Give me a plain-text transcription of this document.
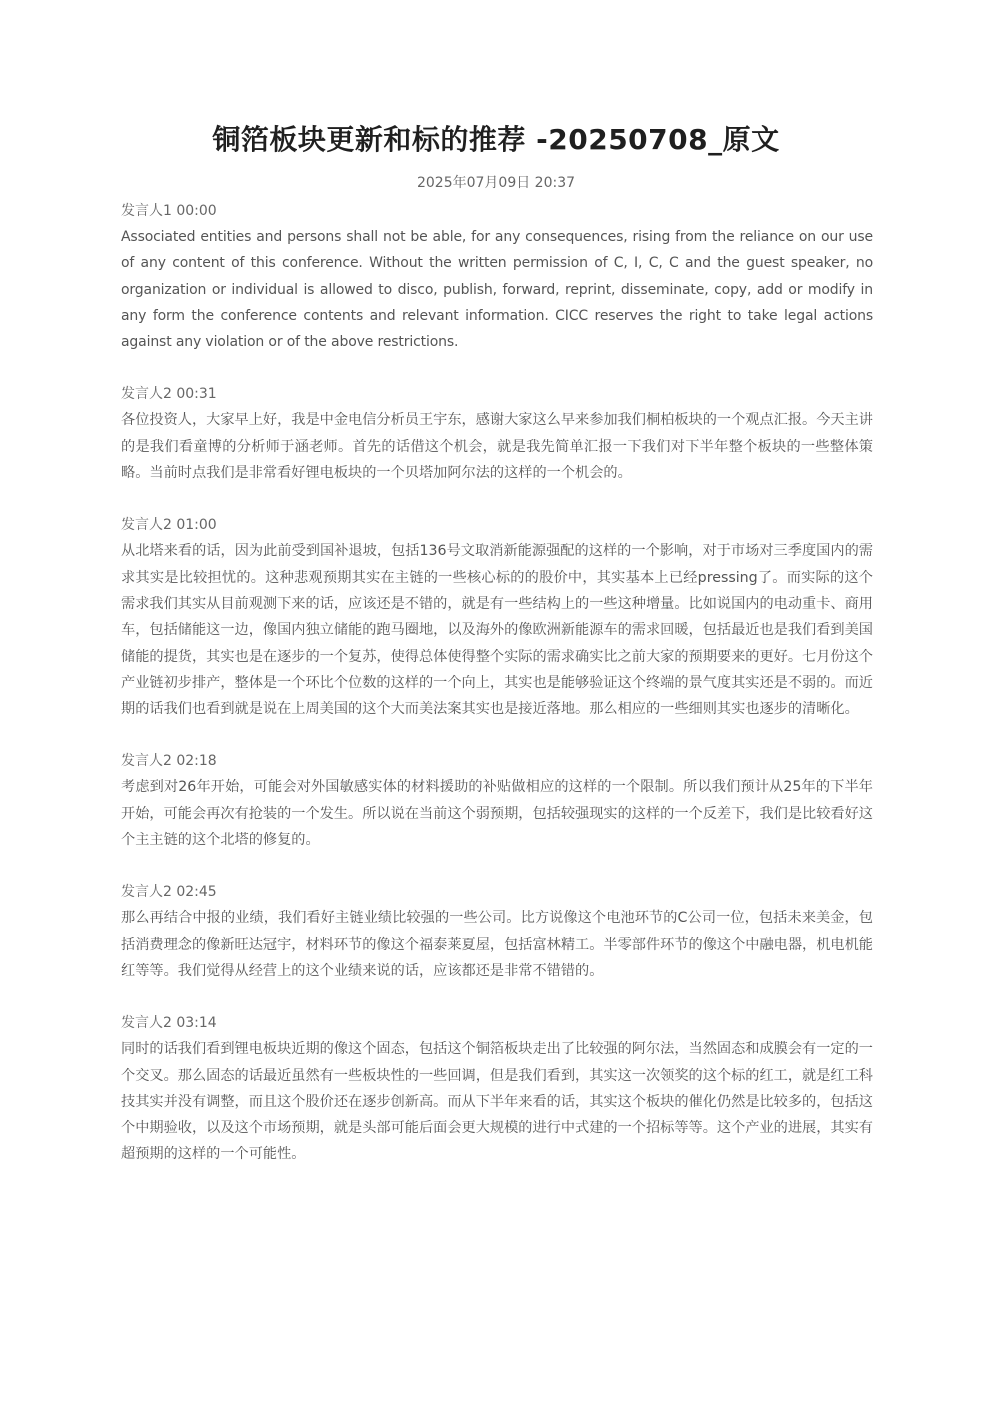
铜箔板块更新和标的推荐 -20250708_原文
2025年07月09日 20:37
发言人1 00:00

Associated entities and persons shall not be able, for any consequences, rising from the reliance on our use of any content of this conference. Without the written permission of C, I, C, C and the guest speaker, no organization or individual is allowed to disco, publish, forward, reprint, disseminate, copy, add or modify in any form the conference contents and relevant information. CICC reserves the right to take legal actions against any violation or of the above restrictions.

发言人2 00:31

各位投资人，大家早上好，我是中金电信分析员王宇东，感谢大家这么早来参加我们桐柏板块的一个观点汇报。今天主讲的是我们看童博的分析师于涵老师。首先的话借这个机会，就是我先简单汇报一下我们对下半年整个板块的一些整体策略。当前时点我们是非常看好锂电板块的一个贝塔加阿尔法的这样的一个机会的。

发言人2 01:00

从北塔来看的话，因为此前受到国补退坡，包括136号文取消新能源强配的这样的一个影响，对于市场对三季度国内的需求其实是比较担忧的。这种悲观预期其实在主链的一些核心标的的股价中，其实基本上已经pressing了。而实际的这个需求我们其实从目前观测下来的话，应该还是不错的，就是有一些结构上的一些这种增量。比如说国内的电动重卡、商用车，包括储能这一边，像国内独立储能的跑马圈地，以及海外的像欧洲新能源车的需求回暖，包括最近也是我们看到美国储能的提货，其实也是在逐步的一个复苏，使得总体使得整个实际的需求确实比之前大家的预期要来的更好。七月份这个产业链初步排产，整体是一个环比个位数的这样的一个向上，其实也是能够验证这个终端的景气度其实还是不弱的。而近期的话我们也看到就是说在上周美国的这个大而美法案其实也是接近落地。那么相应的一些细则其实也逐步的清晰化。

发言人2 02:18

考虑到对26年开始，可能会对外国敏感实体的材料援助的补贴做相应的这样的一个限制。所以我们预计从25年的下半年开始，可能会再次有抢装的一个发生。所以说在当前这个弱预期，包括较强现实的这样的一个反差下，我们是比较看好这个主主链的这个北塔的修复的。

发言人2 02:45

那么再结合中报的业绩，我们看好主链业绩比较强的一些公司。比方说像这个电池环节的C公司一位，包括未来美金，包括消费理念的像新旺达冠宇，材料环节的像这个福泰莱夏屋，包括富林精工。半零部件环节的像这个中融电器，机电机能红等等。我们觉得从经营上的这个业绩来说的话，应该都还是非常不错错的。

发言人2 03:14

同时的话我们看到锂电板块近期的像这个固态，包括这个铜箔板块走出了比较强的阿尔法，当然固态和成膜会有一定的一个交叉。那么固态的话最近虽然有一些板块性的一些回调，但是我们看到，其实这一次领奖的这个标的红工，就是红工科技其实并没有调整，而且这个股价还在逐步创新高。而从下半年来看的话，其实这个板块的催化仍然是比较多的，包括这个中期验收，以及这个市场预期，就是头部可能后面会更大规模的进行中式建的一个招标等等。这个产业的进展，其实有超预期的这样的一个可能性。
